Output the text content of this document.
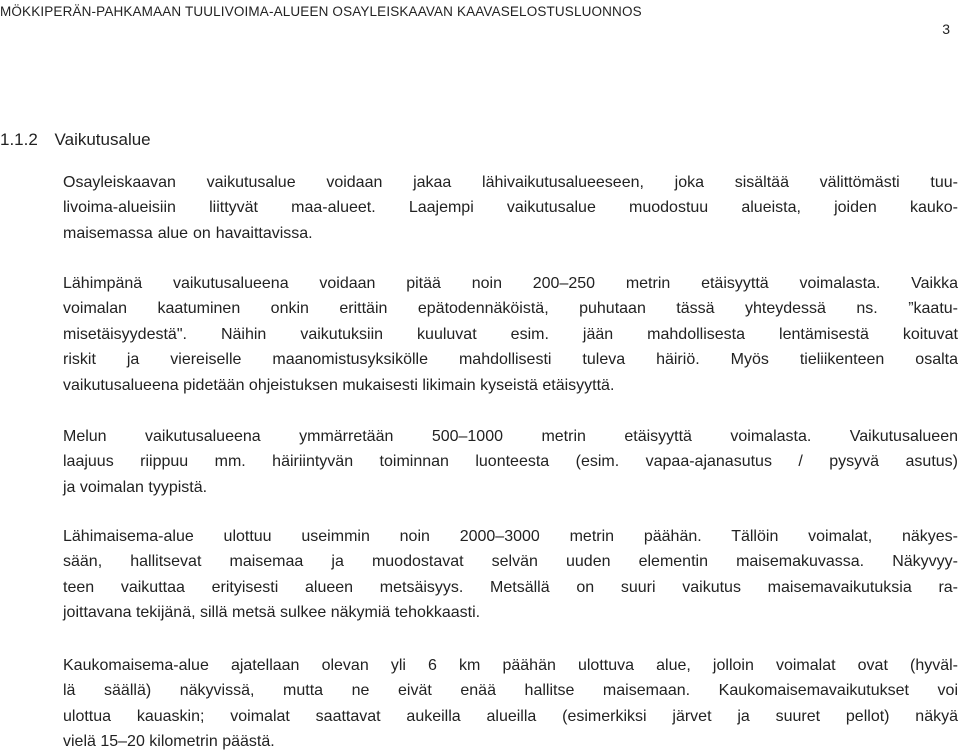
MÖKKIPERÄN-PAHKAMAAN TUULIVOIMA-ALUEEN OSAYLEISKAAVAN KAAVASELOSTUSLUONNOS
3
1.1.2 Vaikutusalue
Osayleiskaavan vaikutusalue voidaan jakaa lähivaikutusalueeseen, joka sisältää välittömästi tuu-
livoima-alueisiin liittyvät maa-alueet. Laajempi vaikutusalue muodostuu alueista, joiden kauko-
maisemassa alue on havaittavissa.
Lähimpänä vaikutusalueena voidaan pitää noin 200–250 metrin etäisyyttä voimalasta. Vaikka
voimalan kaatuminen onkin erittäin epätodennäköistä, puhutaan tässä yhteydessä ns. ”kaatu-
misetäisyydestä". Näihin vaikutuksiin kuuluvat esim. jään mahdollisesta lentämisestä koituvat
riskit ja viereiselle maanomistusyksikölle mahdollisesti tuleva häiriö. Myös tieliikenteen osalta
vaikutusalueena pidetään ohjeistuksen mukaisesti likimain kyseistä etäisyyttä.
Melun vaikutusalueena ymmärretään 500–1000 metrin etäisyyttä voimalasta. Vaikutusalueen
laajuus riippuu mm. häiriintyvän toiminnan luonteesta (esim. vapaa-ajanasutus / pysyvä asutus)
ja voimalan tyypistä.
Lähimaisema-alue ulottuu useimmin noin 2000–3000 metrin päähän. Tällöin voimalat, näkyes-
sään, hallitsevat maisemaa ja muodostavat selvän uuden elementin maisemakuvassa. Näkyvyy-
teen vaikuttaa erityisesti alueen metsäisyys. Metsällä on suuri vaikutus maisemavaikutuksia ra-
joittavana tekijänä, sillä metsä sulkee näkymiä tehokkaasti.
Kaukomaisema-alue ajatellaan olevan yli 6 km päähän ulottuva alue, jolloin voimalat ovat (hyväl-
lä säällä) näkyvissä, mutta ne eivät enää hallitse maisemaan. Kaukomaisemavaikutukset voi
ulottua kauaskin; voimalat saattavat aukeilla alueilla (esimerkiksi järvet ja suuret pellot) näkyä
vielä 15–20 kilometrin päästä.
